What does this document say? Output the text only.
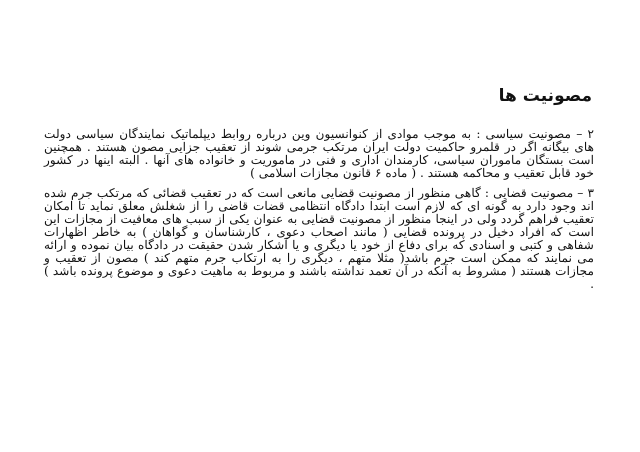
مصونیت ها

۲ – مصونیت سیاسی : به موجب موادی از کنوانسیون وین درباره روابط دیپلماتیک نمایندگان سیاسی دولت های بیگانه اگر در قلمرو حاکمیت دولت ایران مرتکب جرمی شوند از تعقیب جزایی مصون هستند . همچنین است بستگان ماموران سیاسی، کارمندان اداری و فنی در ماموریت و خانواده های آنها . البته اینها در کشور خود قابل تعقیب و محاکمه هستند . ( ماده ۶ قانون مجازات اسلامی )

۳ – مصونیت قضایی : گاهی منظور از مصونیت قضایی مانعی است که در تعقیب قضائی که مرتکب جرم شده اند وجود دارد به گونه ای که لازم است ابتدا دادگاه انتظامی قضات قاضی را از شغلش معلق نماید تا امکان تعقیب فراهم گردد ولی در اینجا منظور از مصونیت قضایی به عنوان یکی از سبب های معافیت از مجازات این است که افراد دخیل در پرونده قضایی ( مانند اصحاب دعوی ، کارشناسان و گواهان ) به خاطر اظهارات شفاهی و کتبی و اسنادی که برای دفاع از خود یا دیگری و یا آشکار شدن حقیقت در دادگاه بیان نموده و ارائه می نمایند که ممکن است جرم باشد( مثلا متهم ، دیگری را به ارتکاب جرم متهم کند ) مصون از تعقیب و مجازات هستند ( مشروط به آنکه در آن تعمد نداشته باشند و مربوط به ماهیت دعوی و موضوع پرونده باشد ) .
